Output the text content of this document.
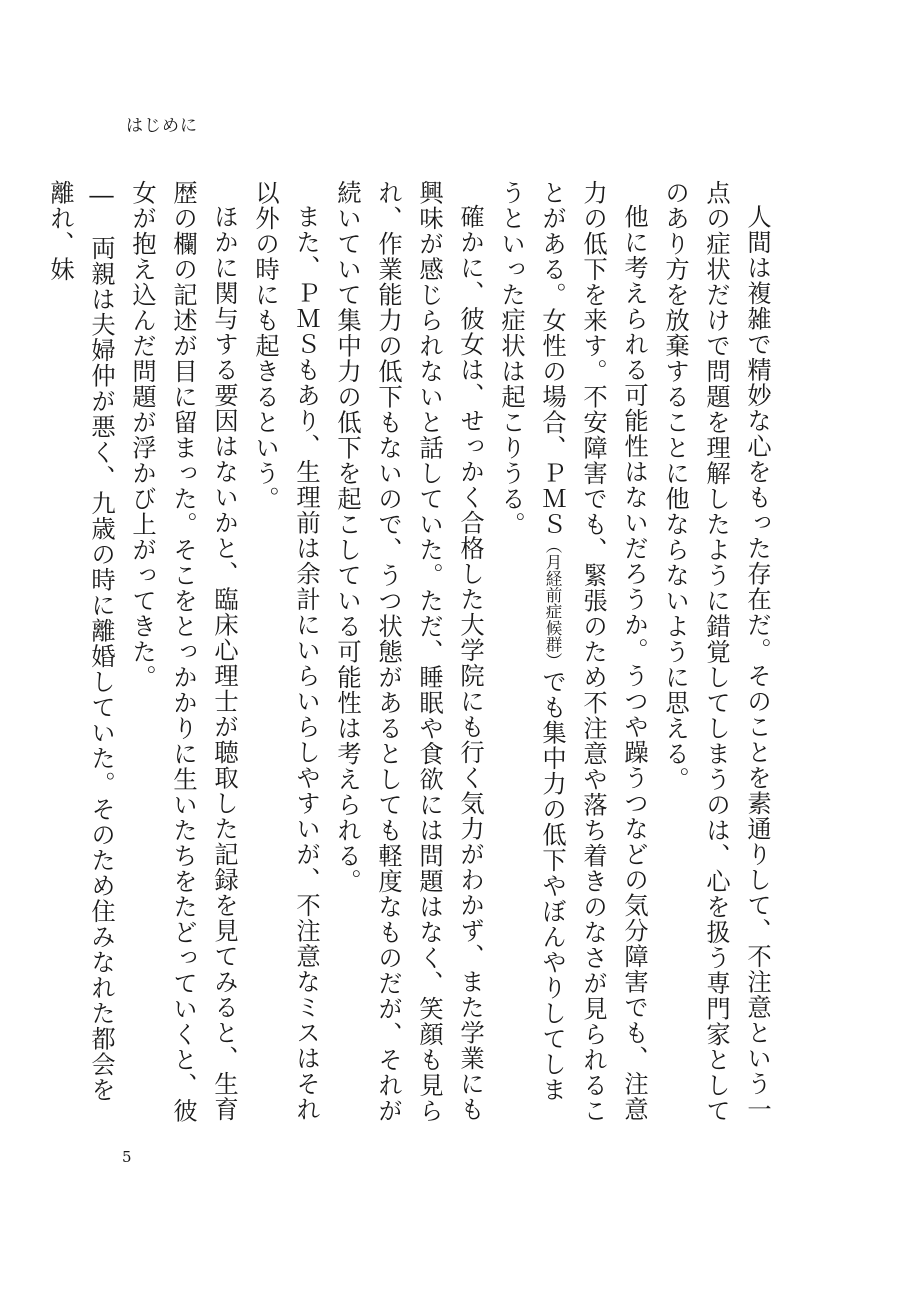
はじめに

人間は複雑で精妙な心をもった存在だ。そのことを素通りして、不注意という一点の症状だけで問題を理解したように錯覚してしまうのは、心を扱う専門家としてのあり方を放棄することに他ならないように思える。

他に考えられる可能性はないだろうか。うつや躁うつなどの気分障害でも、注意力の低下を来す。不安障害でも、緊張のため不注意や落ち着きのなさが見られることがある。女性の場合、ＰＭＳ（月経前症候群）でも集中力の低下やぼんやりしてしまうといった症状は起こりうる。

確かに、彼女は、せっかく合格した大学院にも行く気力がわかず、また学業にも興味が感じられないと話していた。ただ、睡眠や食欲には問題はなく、笑顔も見られ、作業能力の低下もないので、うつ状態があるとしても軽度なものだが、それが続いていて集中力の低下を起こしている可能性は考えられる。

また、ＰＭＳもあり、生理前は余計にいらいらしやすいが、不注意なミスはそれ以外の時にも起きるという。

ほかに関与する要因はないかと、臨床心理士が聴取した記録を見てみると、生育歴の欄の記述が目に留まった。そこをとっかかりに生いたちをたどっていくと、彼女が抱え込んだ問題が浮かび上がってきた。

―　両親は夫婦仲が悪く、九歳の時に離婚していた。そのため住みなれた都会を離れ、妹

5
